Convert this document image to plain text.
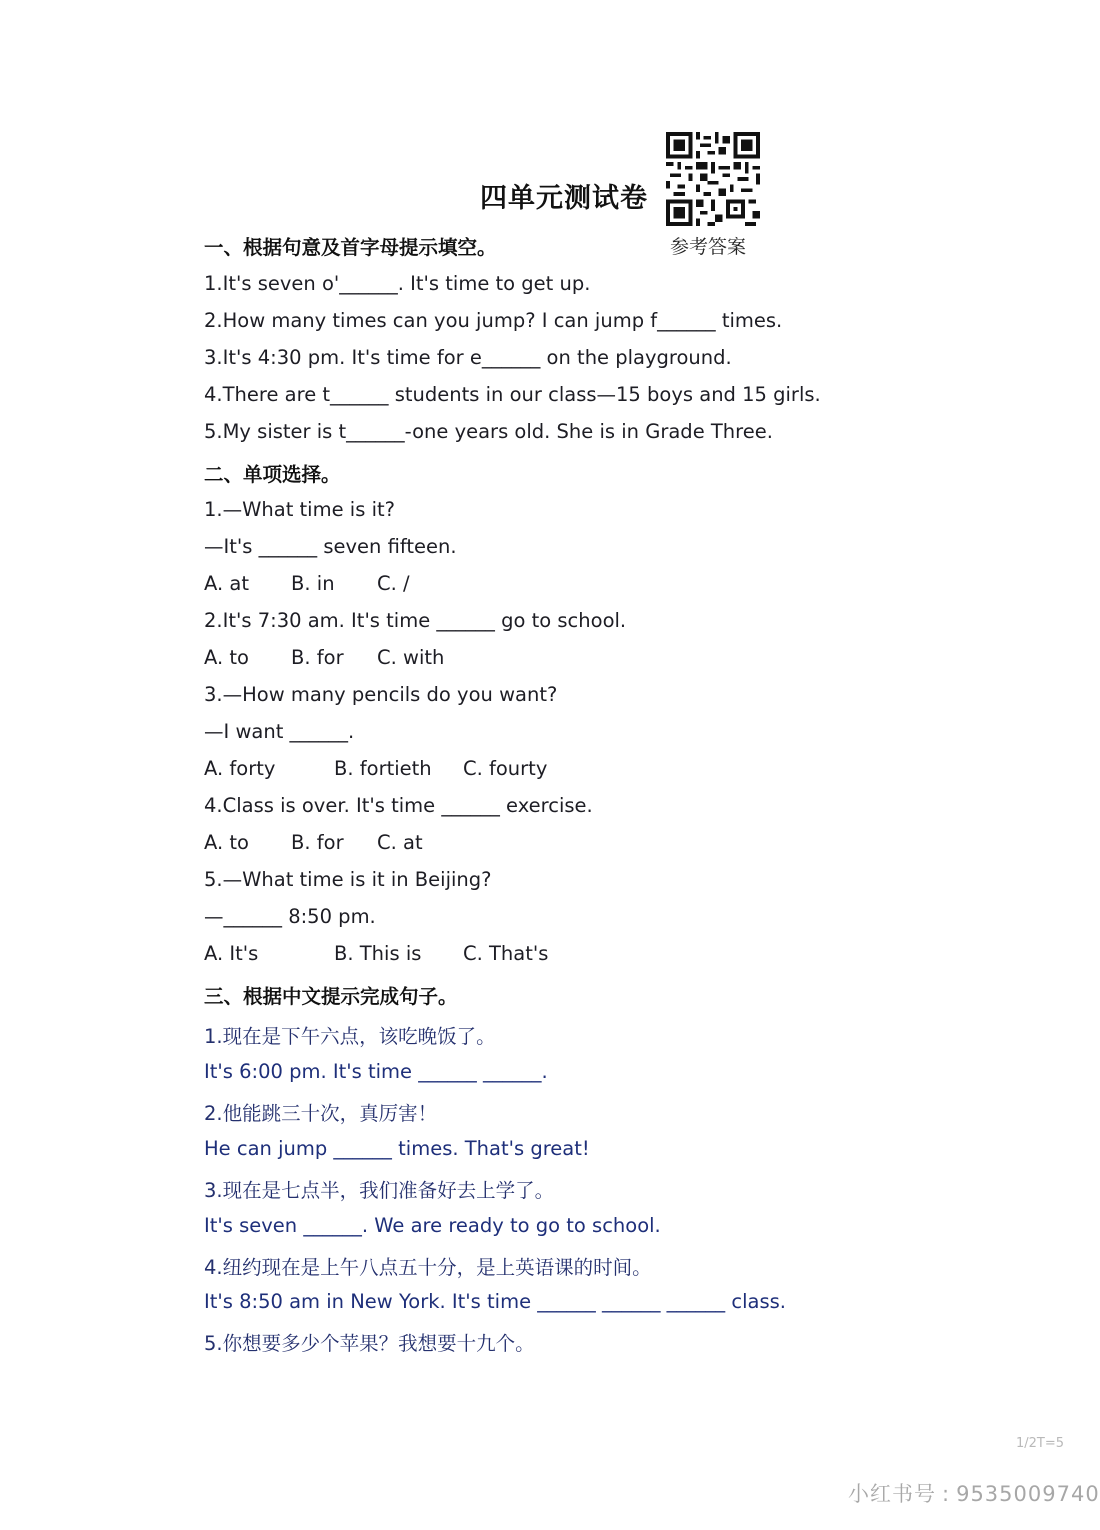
四单元测试卷
参考答案
一、根据句意及首字母提示填空。
1.It's seven o'______. It's time to get up.
2.How many times can you jump? I can jump f______ times.
3.It's 4:30 pm. It's time for e______ on the playground.
4.There are t______ students in our class—15 boys and 15 girls.
5.My sister is t______-one years old. She is in Grade Three.
二、单项选择。
1.—What time is it?
—It's ______ seven fifteen.
A. at B. in C. /
2.It's 7:30 am. It's time ______ go to school.
A. to B. for C. with
3.—How many pencils do you want?
—I want ______.
A. forty	B. fortieth C. fourty
4.Class is over. It's time ______ exercise.
A. to B. for C. at
5.—What time is it in Beijing?
—______ 8:50 pm.
A. It's	B. This is C. That's
三、根据中文提示完成句子。
1.现在是下午六点，该吃晚饭了。
It's 6:00 pm. It's time ______ ______.
2.他能跳三十次，真厉害！
He can jump ______ times. That's great!
3.现在是七点半，我们准备好去上学了。
It's seven ______. We are ready to go to school.
4.纽约现在是上午八点五十分，是上英语课的时间。
It's 8:50 am in New York. It's time ______ ______ ______ class.
5.你想要多少个苹果？我想要十九个。
1/2T=5
小红书号 : 9535009740
